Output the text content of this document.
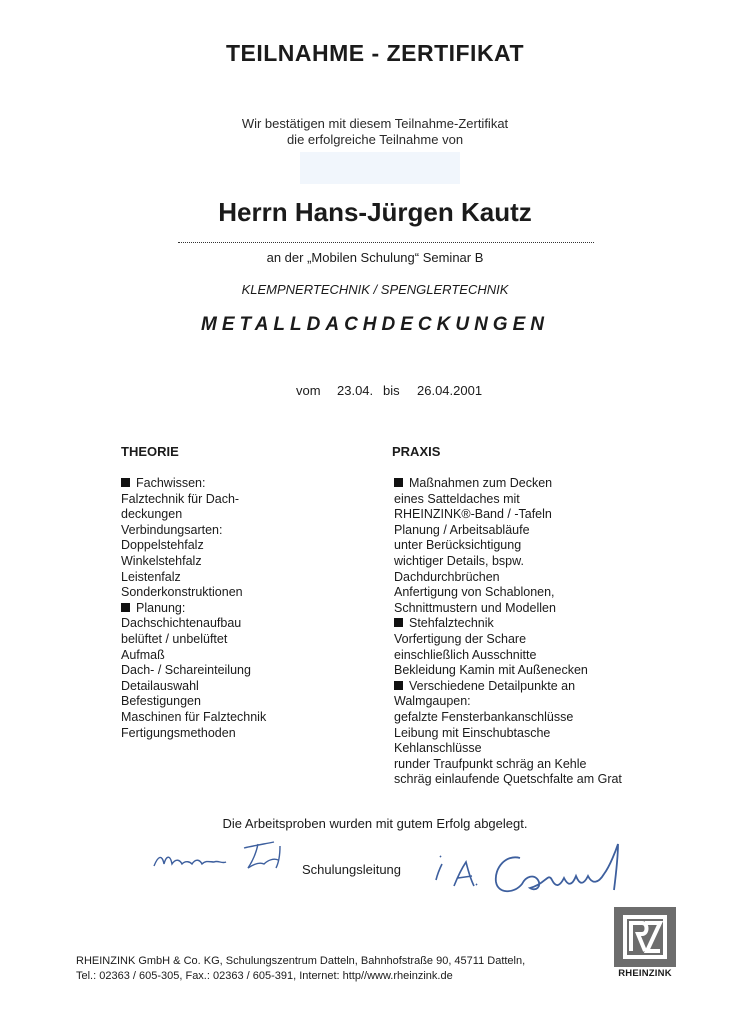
TEILNAHME - ZERTIFIKAT
Wir bestätigen mit diesem Teilnahme-Zertifikat
die erfolgreiche Teilnahme von
Herrn Hans-Jürgen Kautz
an der „Mobilen Schulung“ Seminar B
KLEMPNERTECHNIK / SPENGLERTECHNIK
METALLDACHDECKUNGEN
vom 23.04. bis 26.04.2001
THEORIE
Fachwissen:
Falztechnik für Dach-
deckungen
Verbindungsarten:
Doppelstehfalz
Winkelstehfalz
Leistenfalz
Sonderkonstruktionen
Planung:
Dachschichtenaufbau
belüftet / unbelüftet
Aufmaß
Dach- / Schareinteilung
Detailauswahl
Befestigungen
Maschinen für Falztechnik
Fertigungsmethoden
PRAXIS
Maßnahmen zum Decken
eines Satteldaches mit
RHEINZINK®-Band / -Tafeln
Planung / Arbeitsabläufe
unter Berücksichtigung
wichtiger Details, bspw.
Dachdurchbrüchen
Anfertigung von Schablonen,
Schnittmustern und Modellen
Stehfalztechnik
Vorfertigung der Schare
einschließlich Ausschnitte
Bekleidung Kamin mit Außenecken
Verschiedene Detailpunkte an
Walmgaupen:
gefalzte Fensterbankanschlüsse
Leibung mit Einschubtasche
Kehlanschlüsse
runder Traufpunkt schräg an Kehle
schräg einlaufende Quetschfalte am Grat
Die Arbeitsproben wurden mit gutem Erfolg abgelegt.
Schulungsleitung
RHEINZINK GmbH & Co. KG, Schulungszentrum Datteln, Bahnhofstraße 90, 45711 Datteln,
Tel.: 02363 / 605-305, Fax.: 02363 / 605-391, Internet: http//www.rheinzink.de	RHEINZINK
